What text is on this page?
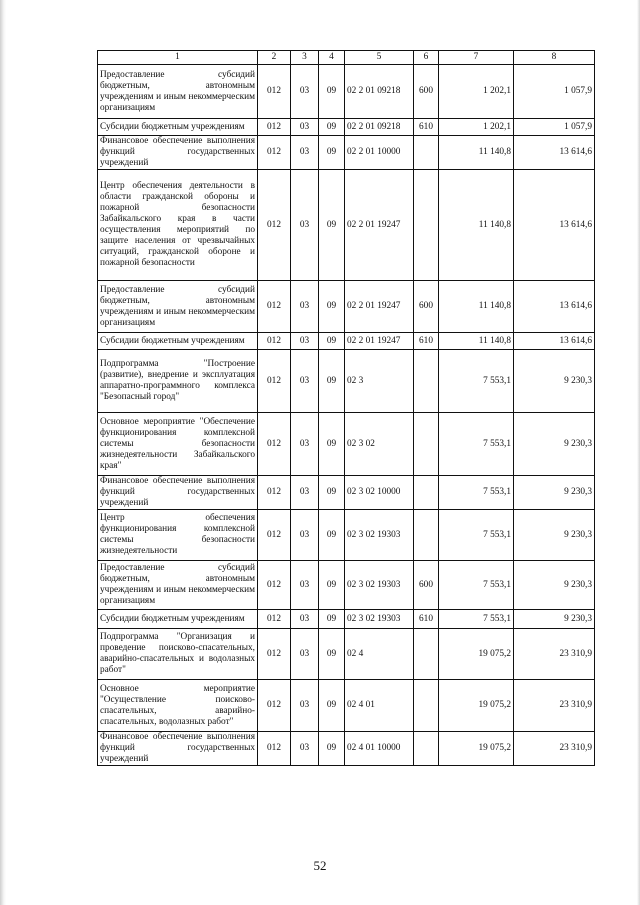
1	2	3	4	5	6	7	8
Предоставление субсидий бюджетным, автономным учреждениям и иным некоммерческим организациям	012	03	09	02 2 01 09218	600	1 202,1	1 057,9
Субсидии бюджетным учреждениям	012	03	09	02 2 01 09218	610	1 202,1	1 057,9
Финансовое обеспечение выполнения функций государственных учреждений	012	03	09	02 2 01 10000		11 140,8	13 614,6
Центр обеспечения деятельности в области гражданской обороны и пожарной безопасности Забайкальского края в части осуществления мероприятий по защите населения от чрезвычайных ситуаций, гражданской обороне и пожарной безопасности	012	03	09	02 2 01 19247		11 140,8	13 614,6
Предоставление субсидий бюджетным, автономным учреждениям и иным некоммерческим организациям	012	03	09	02 2 01 19247	600	11 140,8	13 614,6
Субсидии бюджетным учреждениям	012	03	09	02 2 01 19247	610	11 140,8	13 614,6
Подпрограмма "Построение (развитие), внедрение и эксплуатация аппаратно-программного комплекса "Безопасный город"	012	03	09	02 3		7 553,1	9 230,3
Основное мероприятие "Обеспечение функционирования комплексной системы безопасности жизнедеятельности Забайкальского края"	012	03	09	02 3 02		7 553,1	9 230,3
Финансовое обеспечение выполнения функций государственных учреждений	012	03	09	02 3 02 10000		7 553,1	9 230,3
Центр обеспечения функционирования комплексной системы безопасности жизнедеятельности	012	03	09	02 3 02 19303		7 553,1	9 230,3
Предоставление субсидий бюджетным, автономным учреждениям и иным некоммерческим организациям	012	03	09	02 3 02 19303	600	7 553,1	9 230,3
Субсидии бюджетным учреждениям	012	03	09	02 3 02 19303	610	7 553,1	9 230,3
Подпрограмма "Организация и проведение поисково-спасательных, аварийно-спасательных и водолазных работ"	012	03	09	02 4		19 075,2	23 310,9
Основное мероприятие "Осуществление поисково-спасательных, аварийно-спасательных, водолазных работ"	012	03	09	02 4 01		19 075,2	23 310,9
Финансовое обеспечение выполнения функций государственных учреждений	012	03	09	02 4 01 10000		19 075,2	23 310,9
52
